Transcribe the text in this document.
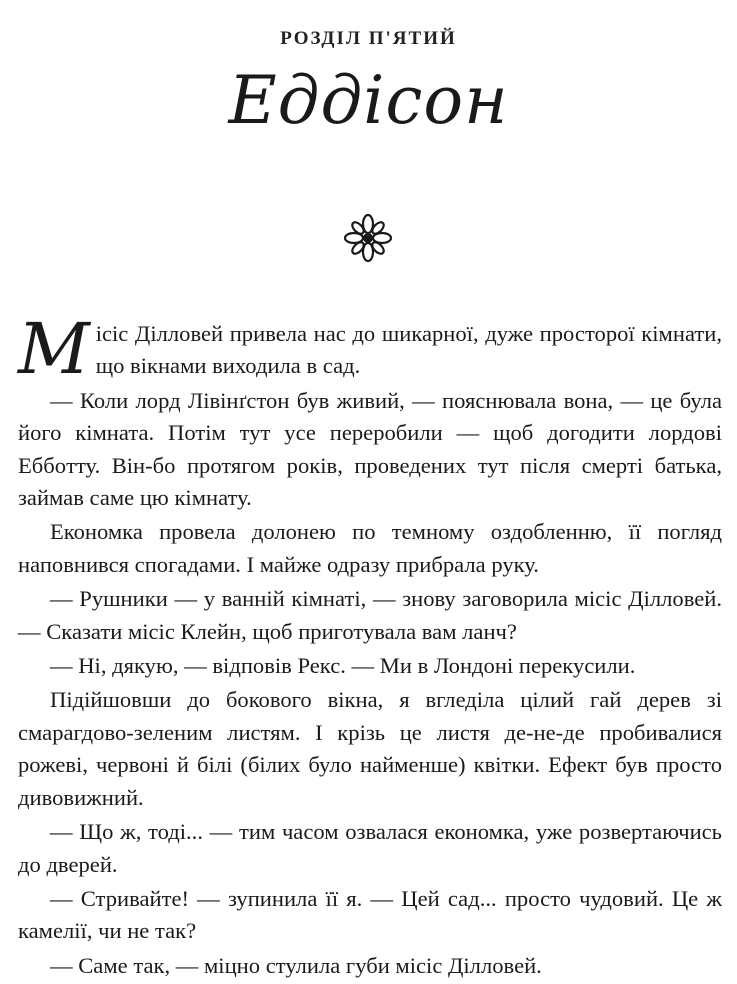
РОЗДІЛ П'ЯТИЙ
Еддісон

Місіс Дiлловей привела нас до шикарної, дуже просторої кімнати, що вікнами виходила в сад.

— Коли лорд Лівінґстон був живий, — пояснювала вона, — це була його кімната. Потім тут усе переробили — щоб догодити лордові Еббoтту. Він-бо протягом років, проведених тут після смерті батька, займав саме цю кімнату.

Економка провела долонею по темному оздобленню, її погляд наповнився спогадами. І майже одразу прибрала руку.

— Рушники — у ванній кімнаті, — знову заговорила місіс Дiлловей. — Сказати місіс Клейн, щоб приготувала вам ланч?

— Ні, дякую, — відповів Рекс. — Ми в Лондоні перекусили.

Підійшовши до бокового вікна, я вгледіла цілий гай дерев зі смарагдово-зеленим листям. І крізь це листя де-не-де пробивалися рожеві, червоні й білі (білих було найменше) квітки. Ефект був просто дивовижний.

— Що ж, тоді... — тим часом озвалася економка, уже розвертаючись до дверей.

— Стривайте! — зупинила її я. — Цей сад... просто чудовий. Це ж камелії, чи не так?

— Саме так, — міцно стулила губи місіс Дiлловей.
